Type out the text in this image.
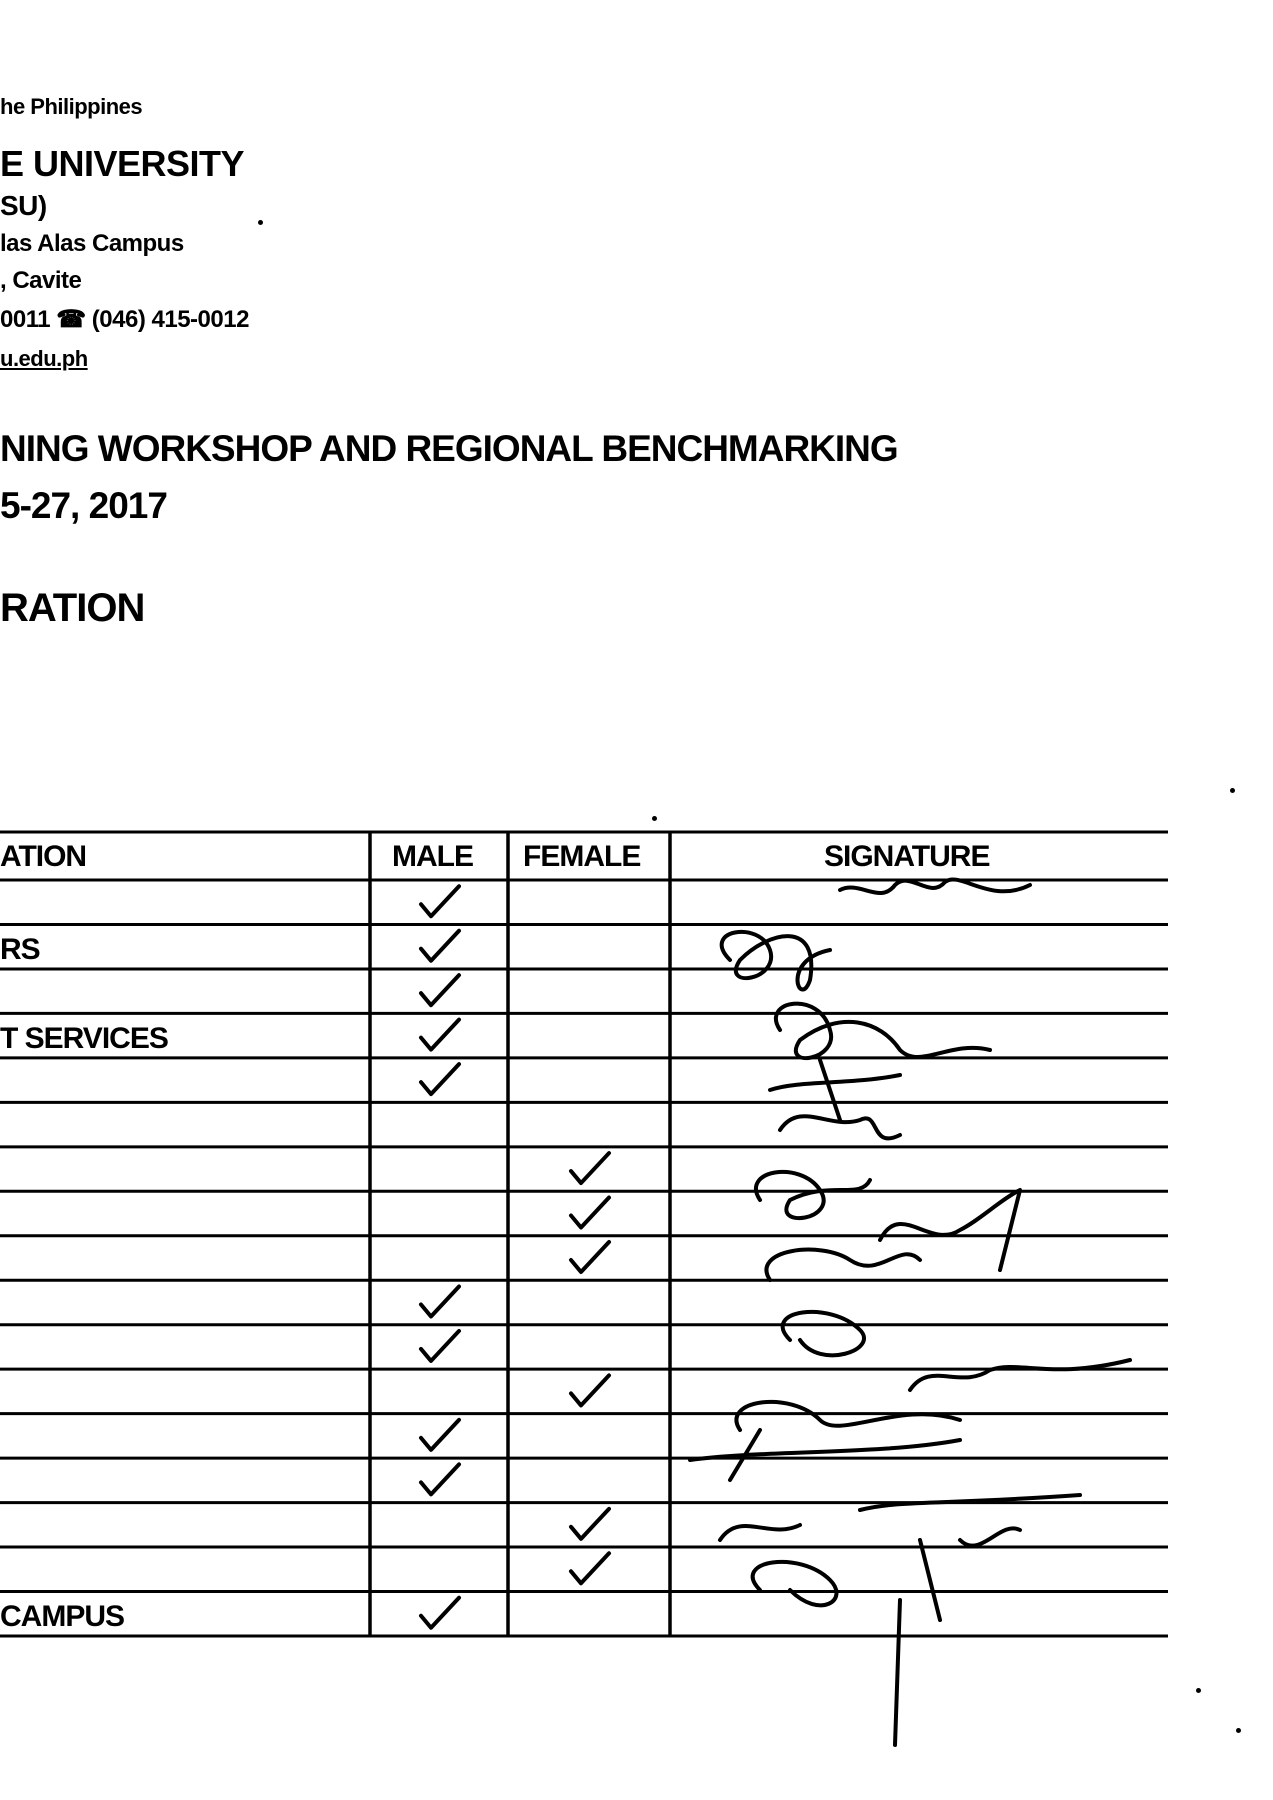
he Philippines
E UNIVERSITY
SU)
las Alas Campus
, Cavite
0011 ☎ (046) 415-0012
u.edu.ph
NING WORKSHOP AND REGIONAL BENCHMARKING
5-27, 2017
RATION
ATION	MALE FEMALE	SIGNATURE
RS
T SERVICES
CAMPUS
